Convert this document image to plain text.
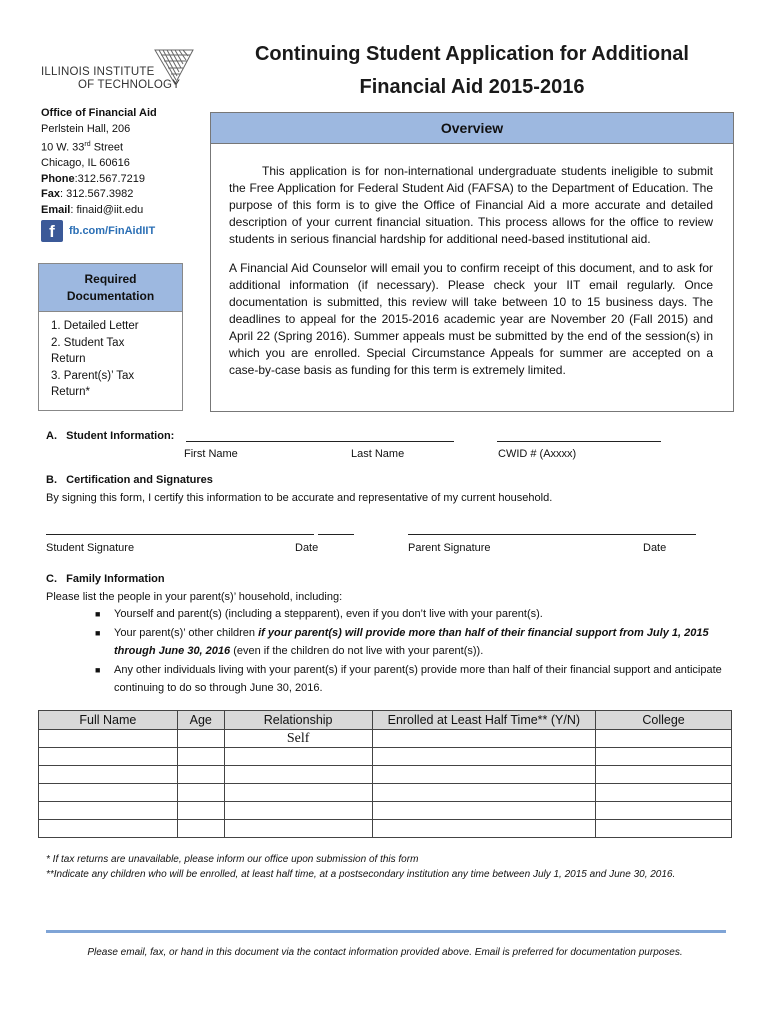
ILLINOIS INSTITUTE
OF TECHNOLOGY
Continuing Student Application for Additional
Financial Aid 2015-2016
Office of Financial Aid
Perlstein Hall, 206
10 W. 33rd Street
Chicago, IL 60616
Phone:312.567.7219
Fax: 312.567.3982
Email: finaid@iit.edu
f fb.com/FinAidIIT
Required
Documentation
1. Detailed Letter
2. Student Tax
Return
3. Parent(s)’ Tax
Return*
Overview

This application is for non-international undergraduate students ineligible to submit the Free Application for Federal Student Aid (FAFSA) to the Department of Education. The purpose of this form is to give the Office of Financial Aid a more accurate and detailed description of your current financial situation. This process allows for the office to review students in serious financial hardship for additional need-based institutional aid.

A Financial Aid Counselor will email you to confirm receipt of this document, and to ask for additional information (if necessary). Please check your IIT email regularly. Once documentation is submitted, this review will take between 10 to 15 business days. The deadlines to appeal for the 2015-2016 academic year are November 20 (Fall 2015) and April 22 (Spring 2016). Summer appeals must be submitted by the end of the session(s) in which you are enrolled. Special Circumstance Appeals for summer are accepted on a case-by-case basis as funding for this term is extremely limited.

A. Student Information:
First Name	Last Name	CWID # (Axxxx)
B. Certification and Signatures
By signing this form, I certify this information to be accurate and representative of my current household.
Student Signature	Date	Parent Signature	Date
C. Family Information
Please list the people in your parent(s)’ household, including:
■	Yourself and parent(s) (including a stepparent), even if you don’t live with your parent(s).
■	Your parent(s)’ other children if your parent(s) will provide more than half of their financial support from July 1, 2015 through June 30, 2016 (even if the children do not live with your parent(s)).
■	Any other individuals living with your parent(s) if your parent(s) provide more than half of their financial support and anticipate continuing to do so through June 30, 2016.
Full Name	Age	Relationship	Enrolled at Least Half Time** (Y/N)	College
		Self		

* If tax returns are unavailable, please inform our office upon submission of this form
**Indicate any children who will be enrolled, at least half time, at a postsecondary institution any time between July 1, 2015 and June 30, 2016.
Please email, fax, or hand in this document via the contact information provided above. Email is preferred for documentation purposes.
